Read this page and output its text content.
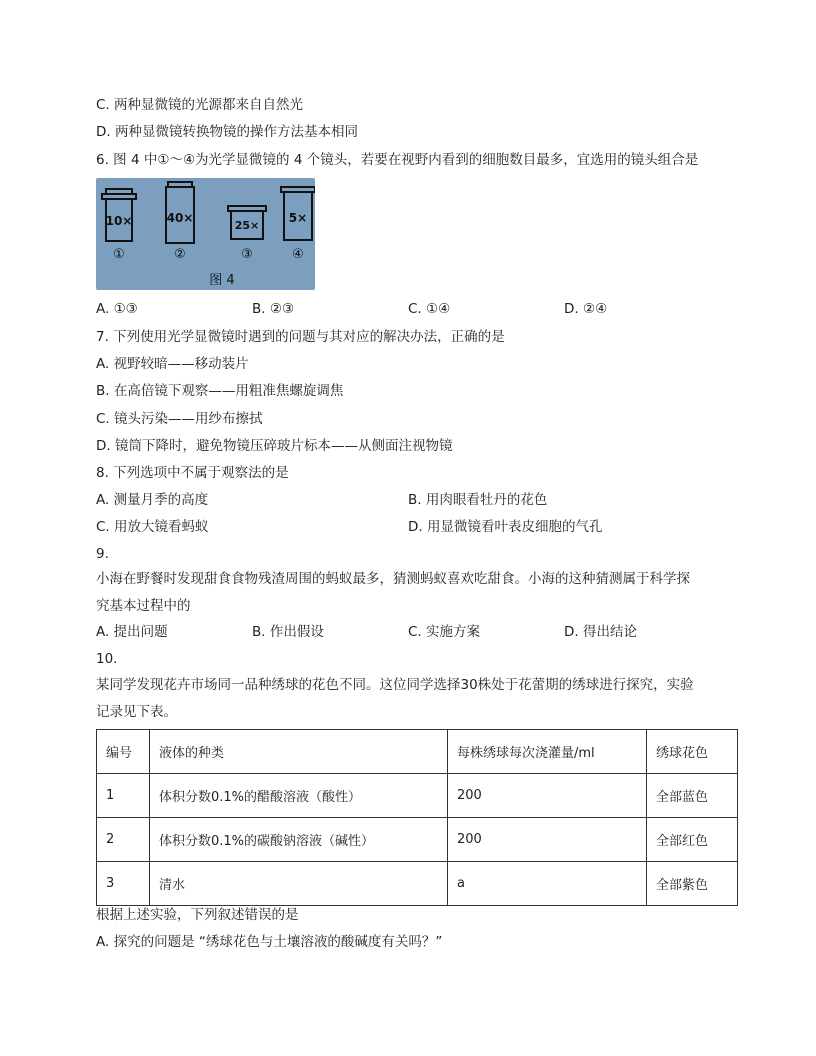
C. 两种显微镜的光源都来自自然光
D. 两种显微镜转换物镜的操作方法基本相同
6. 图 4 中①～④为光学显微镜的 4 个镜头，若要在视野内看到的细胞数目最多，宜选用的镜头组合是
10×	40×
25×
5×
①	②	③	④
图 4
A. ①③	B. ②③	C. ①④	D. ②④
7. 下列使用光学显微镜时遇到的问题与其对应的解决办法，正确的是
A. 视野较暗——移动装片
B. 在高倍镜下观察——用粗准焦螺旋调焦
C. 镜头污染——用纱布擦拭
D. 镜筒下降时，避免物镜压碎玻片标本——从侧面注视物镜
8. 下列选项中不属于观察法的是
A. 测量月季的高度	B. 用肉眼看牡丹的花色
C. 用放大镜看蚂蚁	D. 用显微镜看叶表皮细胞的气孔
9.
小海在野餐时发现甜食食物残渣周围的蚂蚁最多，猜测蚂蚁喜欢吃甜食。小海的这种猜测属于科学探
究基本过程中的
A. 提出问题	B. 作出假设	C. 实施方案	D. 得出结论
10.
某同学发现花卉市场同一品种绣球的花色不同。这位同学选择30株处于花蕾期的绣球进行探究，实验
记录见下表。
编号	液体的种类	每株绣球每次浇灌量/ml	绣球花色
1	体积分数0.1%的醋酸溶液（酸性）	200	全部蓝色
2	体积分数0.1%的碳酸钠溶液（碱性）	200	全部红色
3	清水	a	全部紫色
根据上述实验，下列叙述错误的是
A. 探究的问题是 “绣球花色与土壤溶液的酸碱度有关吗？”
